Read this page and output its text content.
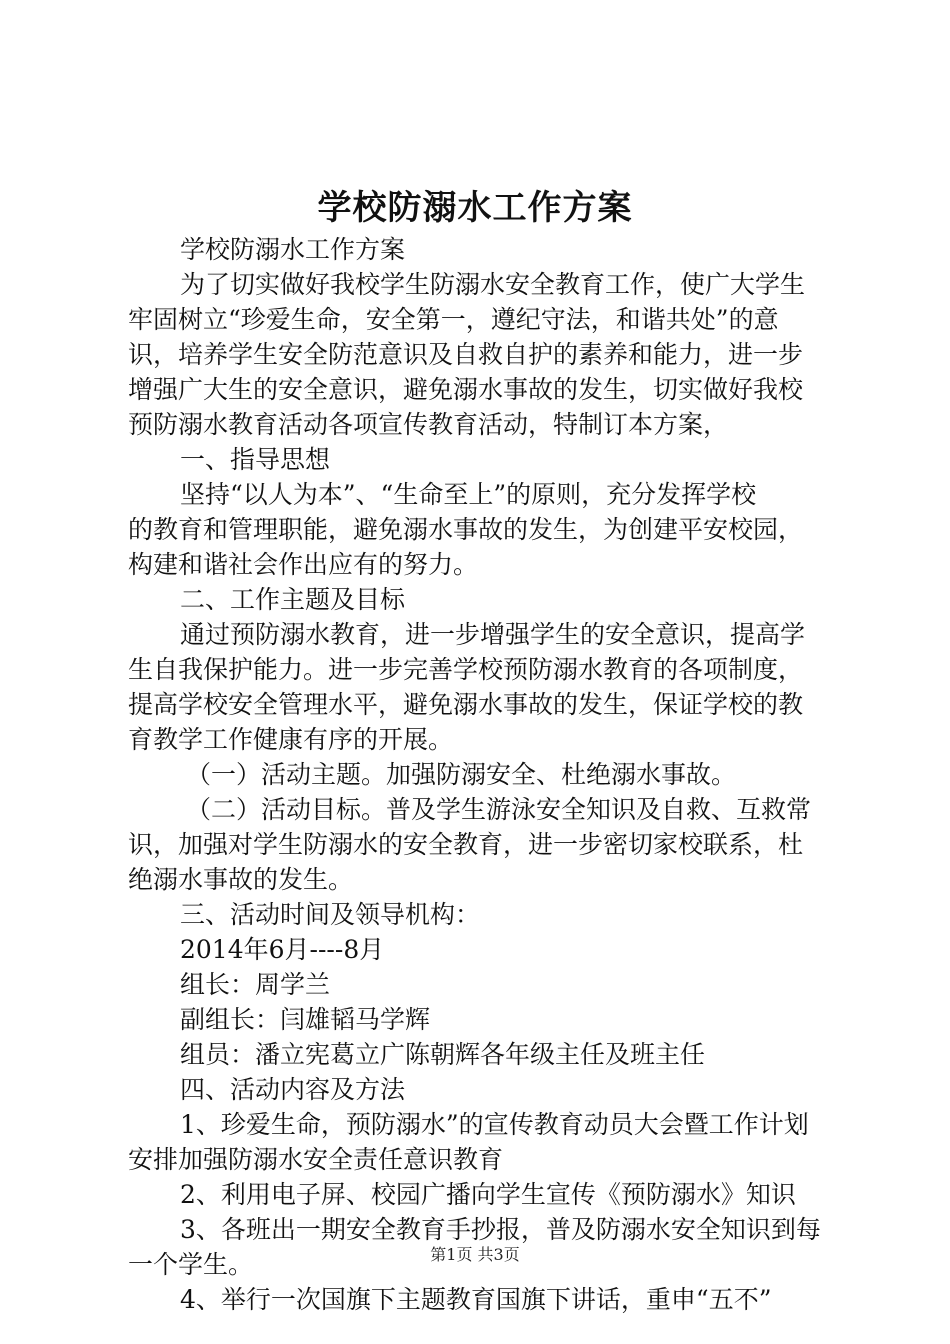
学校防溺水工作方案
学校防溺水工作方案
为了切实做好我校学生防溺水安全教育工作，使广大学生
牢固树立“珍爱生命，安全第一，遵纪守法，和谐共处”的意
识，培养学生安全防范意识及自救自护的素养和能力，进一步
增强广大生的安全意识，避免溺水事故的发生，切实做好我校
预防溺水教育活动各项宣传教育活动，特制订本方案，
一、指导思想
坚持“以人为本”、“生命至上”的原则，充分发挥学校
的教育和管理职能，避免溺水事故的发生，为创建平安校园，
构建和谐社会作出应有的努力。
二、工作主题及目标
通过预防溺水教育，进一步增强学生的安全意识，提高学
生自我保护能力。进一步完善学校预防溺水教育的各项制度，
提高学校安全管理水平，避免溺水事故的发生，保证学校的教
育教学工作健康有序的开展。
（一）活动主题。加强防溺安全、杜绝溺水事故。
（二）活动目标。普及学生游泳安全知识及自救、互救常
识，加强对学生防溺水的安全教育，进一步密切家校联系，杜
绝溺水事故的发生。
三、活动时间及领导机构：
2014年6月----8月
组长：周学兰
副组长：闫雄韬马学辉
组员：潘立宪葛立广陈朝辉各年级主任及班主任
四、活动内容及方法
1、珍爱生命，预防溺水”的宣传教育动员大会暨工作计划
安排加强防溺水安全责任意识教育
2、利用电子屏、校园广播向学生宣传《预防溺水》知识
3、各班出一期安全教育手抄报，普及防溺水安全知识到每
一个学生。
4、举行一次国旗下主题教育国旗下讲话，重申“五不”
第1页 共3页
